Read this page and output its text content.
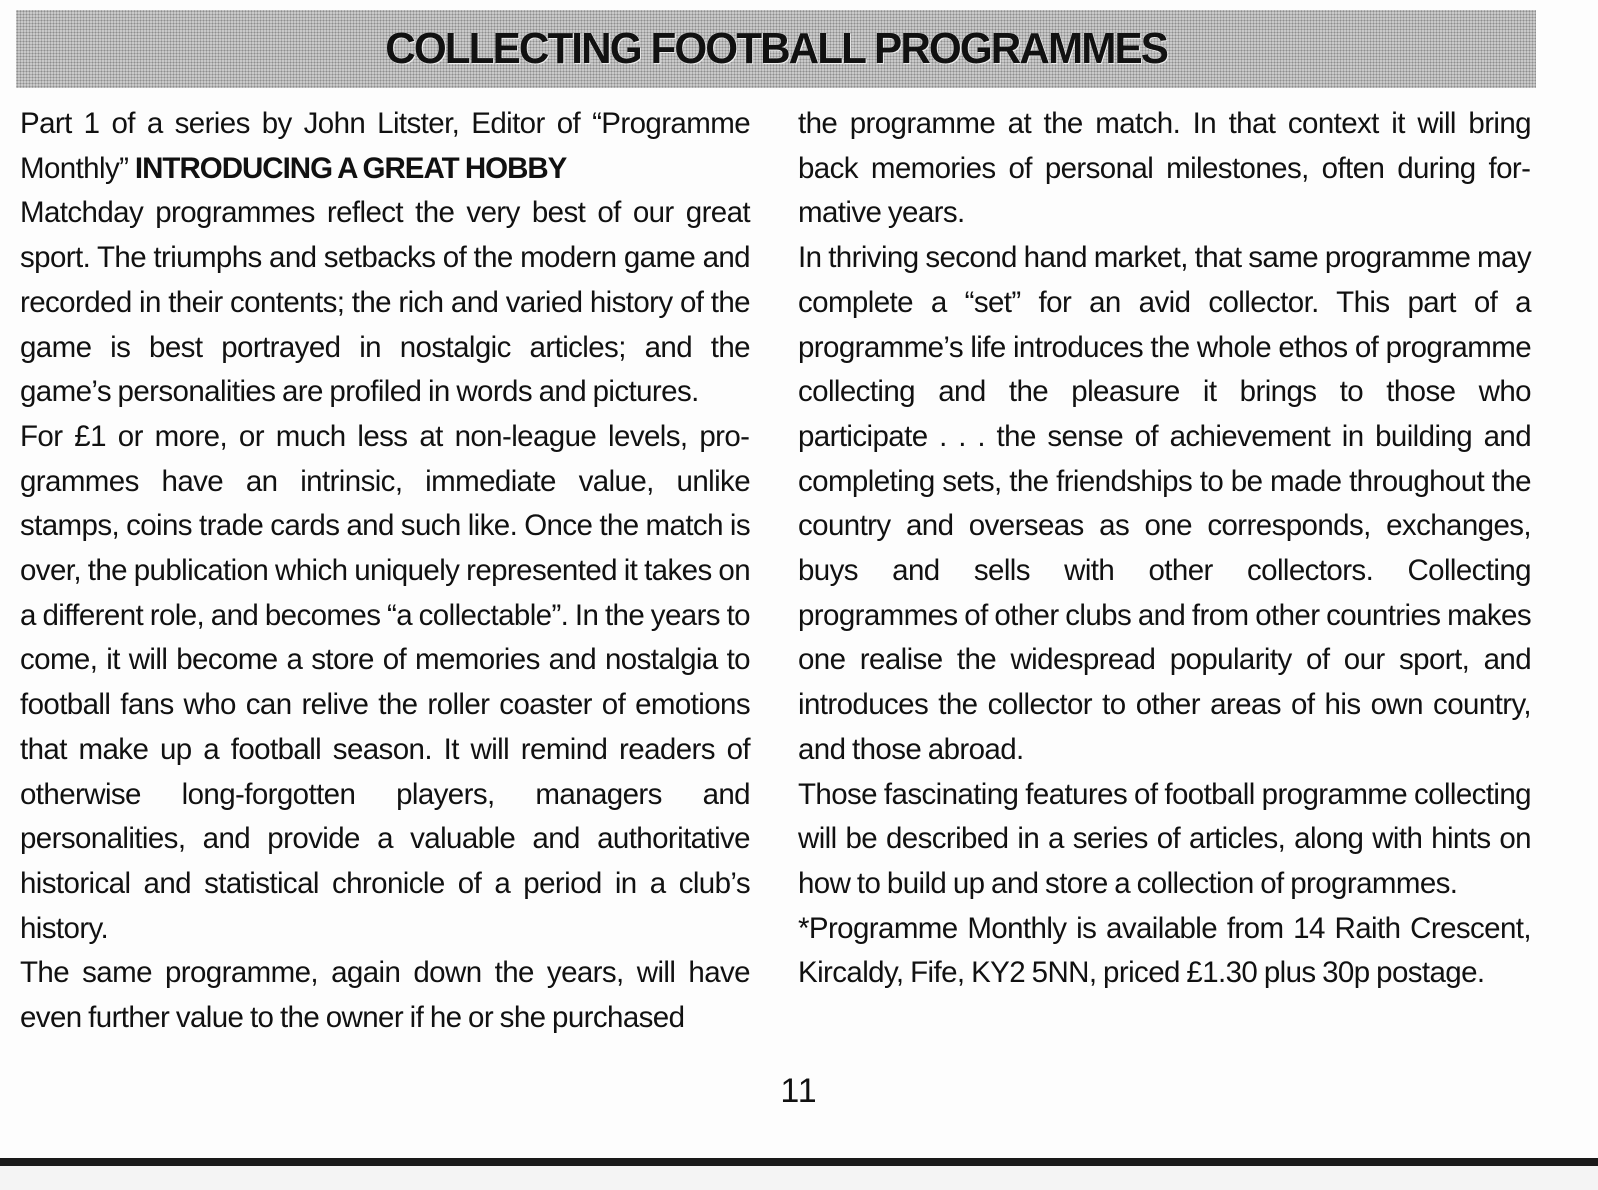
COLLECTING FOOTBALL PROGRAMMES

Part 1 of a series by John Litster, Editor of “Programme Monthly” INTRODUCING A GREAT HOBBY

Matchday programmes reflect the very best of our great sport. The triumphs and setbacks of the modern game and recorded in their contents; the rich and varied history of the game is best portrayed in nostalgic articles; and the game’s personalities are profiled in words and pictures.

For £1 or more, or much less at non-league levels, programmes have an intrinsic, immediate value, unlike stamps, coins trade cards and such like. Once the match is over, the publication which uniquely represented it takes on a different role, and becomes “a collectable”. In the years to come, it will become a store of memories and nostalgia to football fans who can relive the roller coaster of emotions that make up a football season. It will remind readers of otherwise long-forgotten players, managers and personalities, and provide a valuable and authoritative historical and statistical chronicle of a period in a club’s history.

The same programme, again down the years, will have even further value to the owner if he or she purchased

the programme at the match. In that context it will bring back memories of personal milestones, often during formative years.

In thriving second hand market, that same programme may complete a “set” for an avid collector. This part of a programme’s life introduces the whole ethos of programme collecting and the pleasure it brings to those who participate . . . the sense of achievement in building and completing sets, the friendships to be made throughout the country and overseas as one corresponds, exchanges, buys and sells with other collectors. Collecting programmes of other clubs and from other countries makes one realise the widespread popularity of our sport, and introduces the collector to other areas of his own country, and those abroad.

Those fascinating features of football programme collecting will be described in a series of articles, along with hints on how to build up and store a collection of programmes.

*Programme Monthly is available from 14 Raith Crescent, Kircaldy, Fife, KY2 5NN, priced £1.30 plus 30p postage.

11
